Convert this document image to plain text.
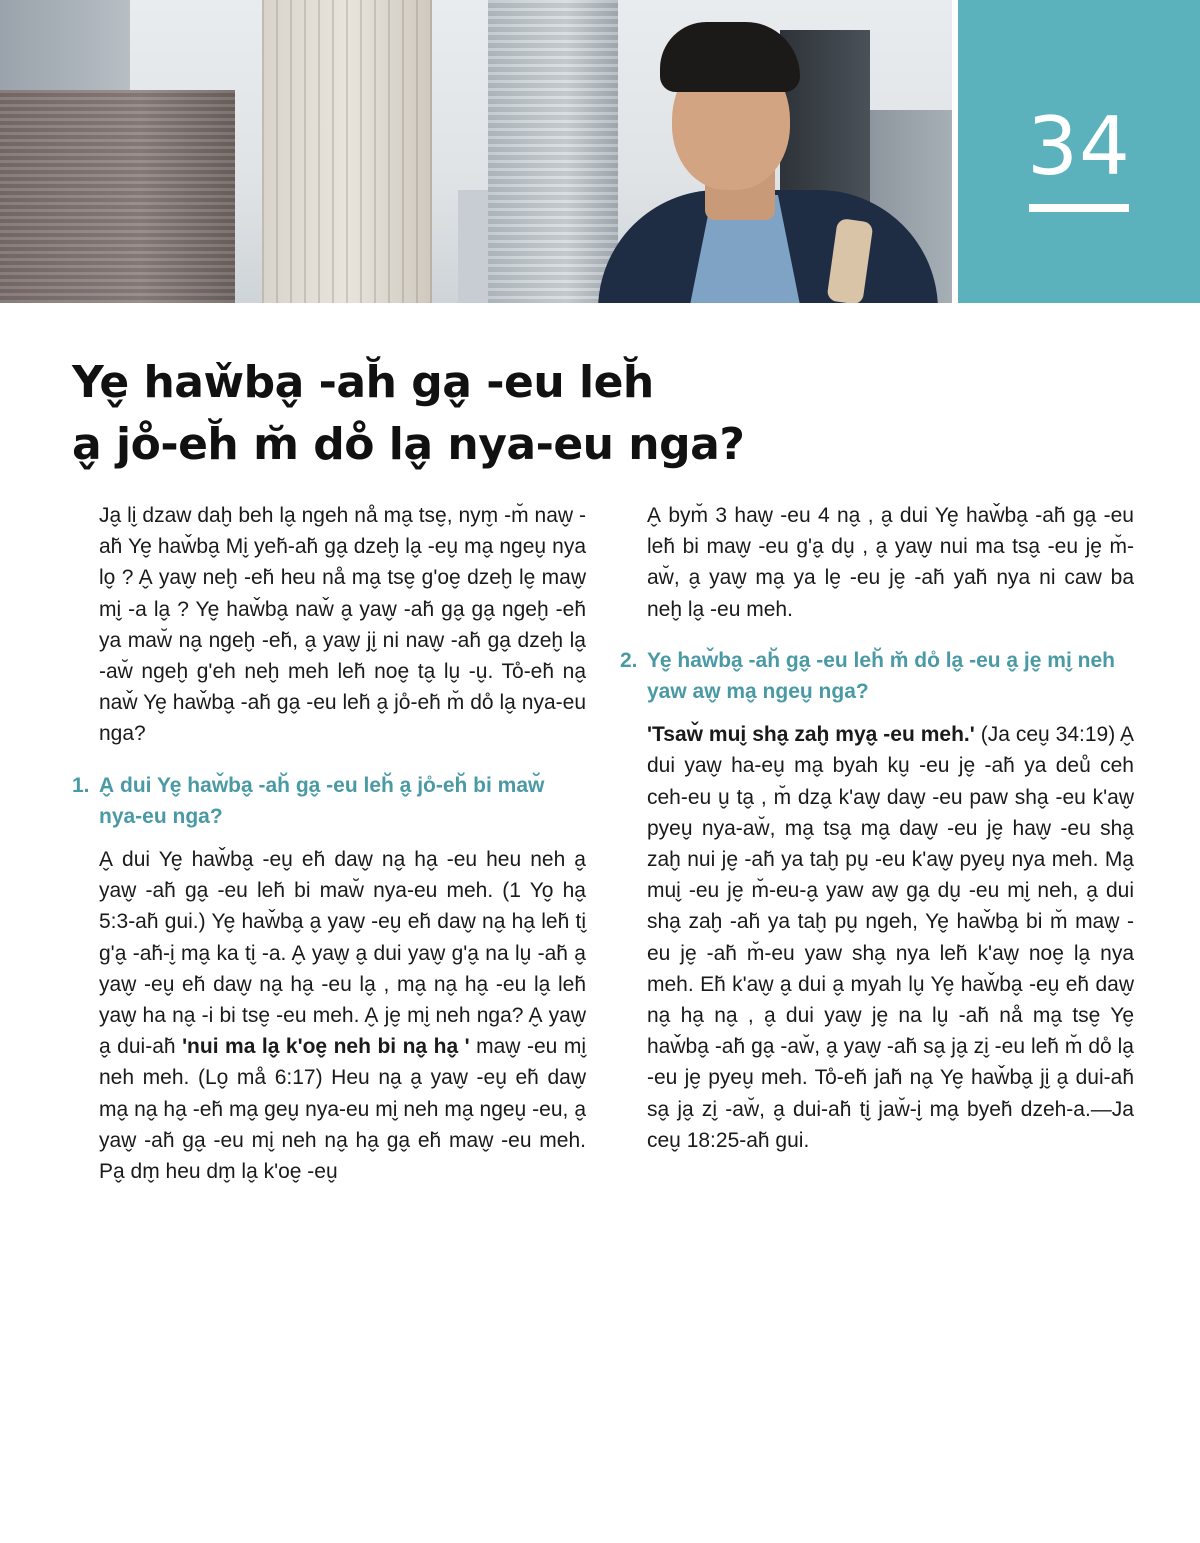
34
Ye̬ haw̌ba̬ -ah̆ ga̬ -eu leh̆
a̬ jo̊-eh̆ m̆ do̊ la̬ nya-eu nga?

Ja̬ li̬ dzaw dah̬ beh la̬ ngeh nå ma̬ tse̬, nym̬ -m̆ naw̬ -ah̆ Ye̬ haw̌ba̬ Mi̬ yeh̆-ah̆ ga̬ dzeh̬ la̬ -eu̬ ma̬ ngeu̬ nya lo̬ ? A̬ yaw̬ neh̬ -eh̆ heu nå ma̬ tse̬ g'oe̬ dzeh̬ le̬ maw̬ mi̬ -a la̬ ? Ye̬ haw̌ba̬ naw̌ a̬ yaw̬ -ah̆ ga̬ ga̬ ngeh̬ -eh̆ ya maw̆ na̬ ngeh̬ -eh̆, a̬ yaw̬ ji̬ ni naw̬ -ah̆ ga̬ dzeh̬ la̬ -aw̆ ngeh̬ g'eh neh̬ meh leh̆ noe̬ ta̬ lu̬ -u̬. To̊-eh̆ na̬ naw̌ Ye̬ haw̌ba̬ -ah̆ ga̬ -eu leh̆ a̬ jo̊-eh̆ m̆ do̊ la̬ nya-eu nga?

1. A̬ dui Ye̬ haw̌ba̬ -ah̆ ga̬ -eu leh̆ a̬ jo̊-eh̆ bi maw̆ nya-eu nga?

A̬ dui Ye̬ haw̌ba̬ -eu̬ eh̆ daw̬ na̬ ha̬ -eu heu neh a̬ yaw̬ -ah̆ ga̬ -eu leh̆ bi maw̆ nya-eu meh. (1 Yo̬ ha̬ 5:3-ah̆ gui.) Ye̬ haw̌ba̬ a̬ yaw̬ -eu̬ eh̆ daw̬ na̬ ha̬ leh̆ ti̬ g'a̬ -ah̆-i̬ ma̬ ka ti̬ -a. A̬ yaw̬ a̬ dui yaw̬ g'a̬ na lu̬ -ah̆ a̬ yaw̬ -eu̬ eh̆ daw̬ na̬ ha̬ -eu la̬ , ma̬ na̬ ha̬ -eu la̬ leh̆ yaw̬ ha na̬ -i bi tse̬ -eu meh. A̬ je̬ mi̬ neh nga? A̬ yaw̬ a̬ dui-ah̆ 'nui ma la̬ k'oe̬ neh bi na̬ ha̬ ' maw̬ -eu mi̬ neh meh. (Lo̬ må 6:17) Heu na̬ a̬ yaw̬ -eu̬ eh̆ daw̬ ma̬ na̬ ha̬ -eh̆ ma̬ geu̬ nya-eu mi̬ neh ma̬ ngeu̬ -eu, a̬ yaw̬ -ah̆ ga̬ -eu mi̬ neh na̬ ha̬ ga̬ eh̆ maw̬ -eu meh. Pa̬ dm̬ heu dm̬ la̬ k'oe̬ -eu̬

A̬ bym̆ 3 haw̬ -eu 4 na̬ , a̬ dui Ye̬ haw̌ba̬ -ah̆ ga̬ -eu leh̆ bi maw̬ -eu g'a̬ du̬ , a̬ yaw̬ nui ma tsa̬ -eu je̬ m̆-aw̆, a̬ yaw̬ ma̬ ya le̬ -eu je̬ -ah̆ yah̆ nya ni caw ba neh̬ la̬ -eu meh.

2. Ye̬ haw̌ba̬ -ah̆ ga̬ -eu leh̆ m̆ do̊ la̬ -eu a̬ je̬ mi̬ neh yaw aw̬ ma̬ ngeu̬ nga?

'Tsaw̌ mui̬ sha̬ zah̬ mya̬ -eu meh.' (Ja ceu̬ 34:19) A̬ dui yaw̬ ha-eu̬ ma̬ byah ku̬ -eu je̬ -ah̆ ya deů ceh ceh-eu u̬ ta̬ , m̆ dza̬ k'aw̬ daw̬ -eu paw sha̬ -eu k'aw̬ pyeu̬ nya-aw̆, ma̬ tsa̬ ma̬ daw̬ -eu je̬ haw̬ -eu sha̬ zah̬ nui je̬ -ah̆ ya tah̬ pu̬ -eu k'aw̬ pyeu̬ nya meh. Ma̬ mui̬ -eu je̬ m̆-eu-a̬ yaw aw̬ ga̬ du̬ -eu mi̬ neh, a̬ dui sha̬ zah̬ -ah̆ ya tah̬ pu̬ ngeh, Ye̬ haw̌ba̬ bi m̆ maw̬ -eu je̬ -ah̆ m̆-eu yaw sha̬ nya leh̆ k'aw̬ noe̬ la̬ nya meh. Eh̆ k'aw̬ a̬ dui a̬ myah lu̬ Ye̬ haw̌ba̬ -eu̬ eh̆ daw̬ na̬ ha̬ na̬ , a̬ dui yaw̬ je̬ na lu̬ -ah̆ nå ma̬ tse̬ Ye̬ haw̌ba̬ -ah̆ ga̬ -aw̆, a̬ yaw̬ -ah̆ sa̬ ja̬ zi̬ -eu leh̆ m̆ do̊ la̬ -eu je̬ pyeu̬ meh. To̊-eh̆ jah̆ na̬ Ye̬ haw̌ba̬ ji̬ a̬ dui-ah̆ sa̬ ja̬ zi̬ -aw̆, a̬ dui-ah̆ ti̬ jaw̆-i̬ ma̬ byeh̆ dzeh-a.—Ja ceu̬ 18:25-ah̆ gui.
